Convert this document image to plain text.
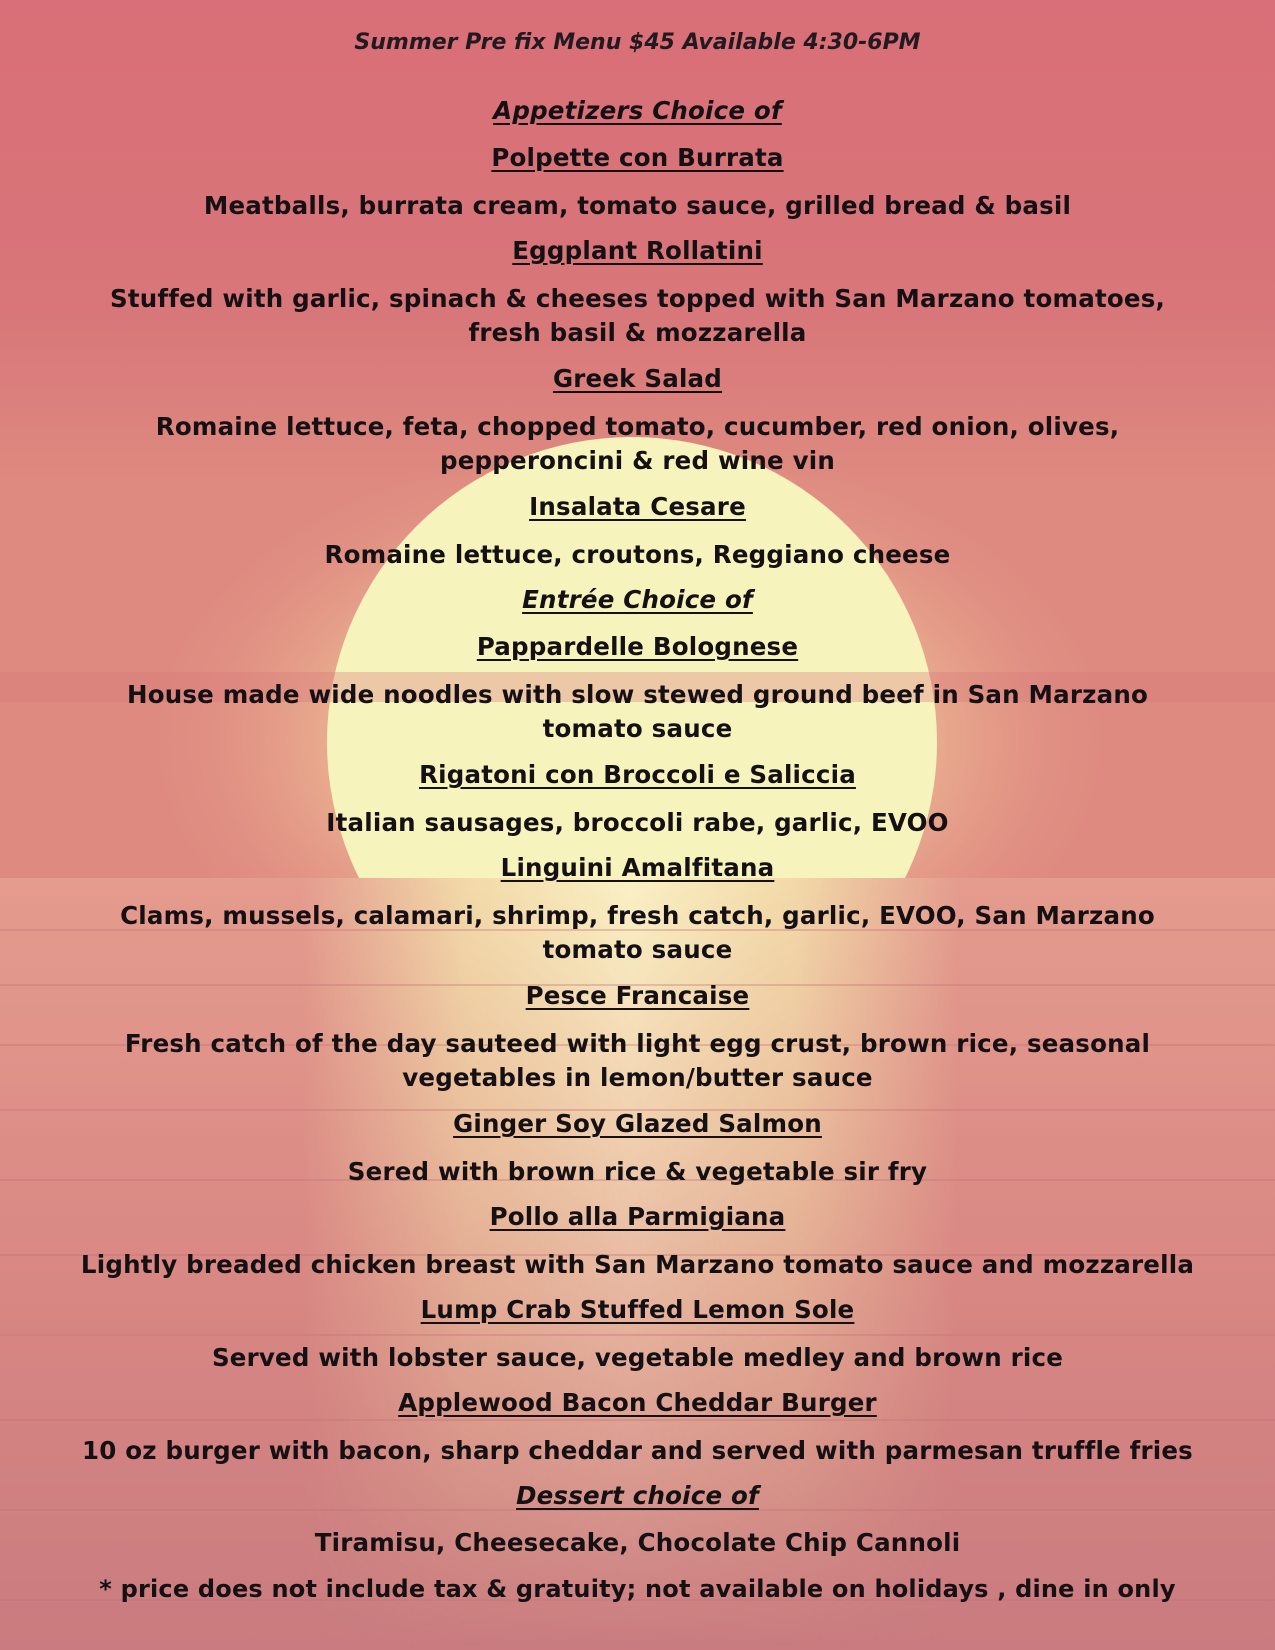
Summer Pre fix Menu $45 Available 4:30-6PM
Appetizers Choice of
Polpette con Burrata
Meatballs, burrata cream, tomato sauce, grilled bread & basil
Eggplant Rollatini
Stuffed with garlic, spinach & cheeses topped with San Marzano tomatoes, fresh basil & mozzarella
Greek Salad
Romaine lettuce, feta, chopped tomato, cucumber, red onion, olives, pepperoncini & red wine vin
Insalata Cesare
Romaine lettuce, croutons, Reggiano cheese
Entrée Choice of
Pappardelle Bolognese
House made wide noodles with slow stewed ground beef in San Marzano tomato sauce
Rigatoni con Broccoli e Saliccia
Italian sausages, broccoli rabe, garlic, EVOO
Linguini Amalfitana
Clams, mussels, calamari, shrimp, fresh catch, garlic, EVOO, San Marzano tomato sauce
Pesce Francaise
Fresh catch of the day sauteed with light egg crust, brown rice, seasonal vegetables in lemon/butter sauce
Ginger Soy Glazed Salmon
Sered with brown rice & vegetable sir fry
Pollo alla Parmigiana
Lightly breaded chicken breast with San Marzano tomato sauce and mozzarella
Lump Crab Stuffed Lemon Sole
Served with lobster sauce, vegetable medley and brown rice
Applewood Bacon Cheddar Burger
10 oz burger with bacon, sharp cheddar and served with parmesan truffle fries
Dessert choice of
Tiramisu, Cheesecake, Chocolate Chip Cannoli
* price does not include tax & gratuity; not available on holidays , dine in only
